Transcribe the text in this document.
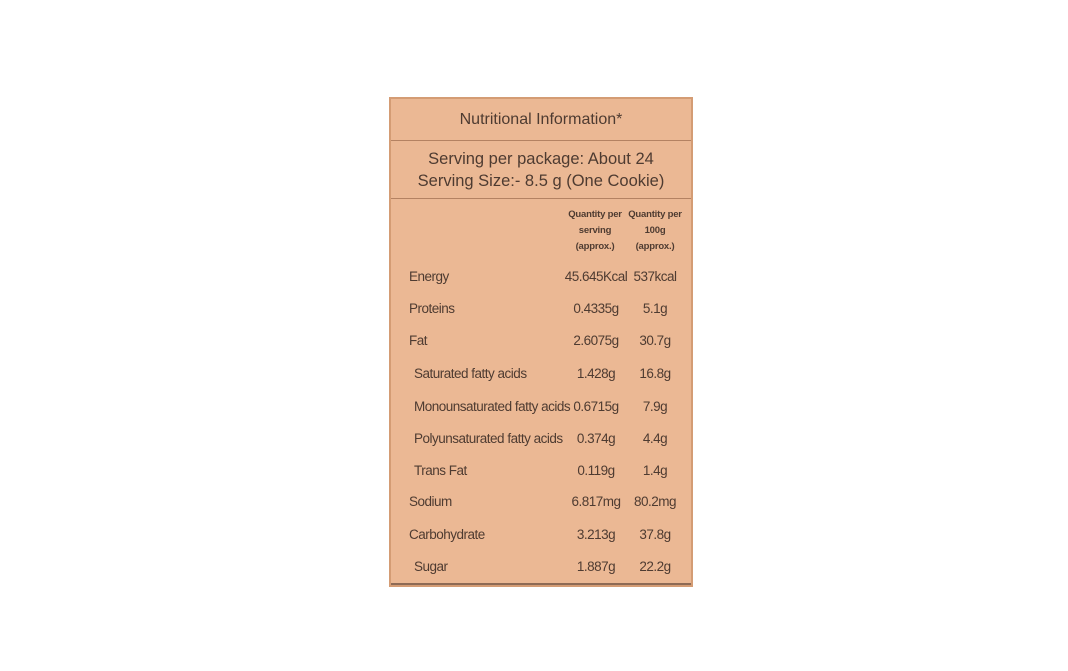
Nutritional Information*
Serving per package: About 24
Serving Size:- 8.5 g (One Cookie)
Quantity per
serving
(approx.)
Quantity per
100g
(approx.)
Energy	45.645Kcal 537kcal
Proteins	0.4335g	5.1g
Fat	2.6075g	30.7g
Saturated fatty acids	1.428g	16.8g
Monounsaturated fatty acids 0.6715g	7.9g
Polyunsaturated fatty acids	0.374g	4.4g
Trans Fat	0.119g	1.4g
Sodium	6.817mg 80.2mg
Carbohydrate	3.213g	37.8g
Sugar	1.887g	22.2g
